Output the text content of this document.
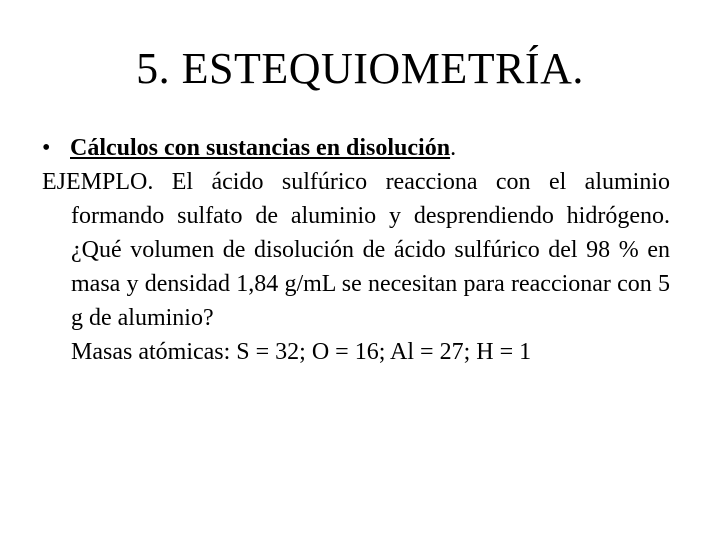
5. ESTEQUIOMETRÍA.

• Cálculos con sustancias en disolución.

EJEMPLO. El ácido sulfúrico reacciona con el aluminio formando sulfato de aluminio y desprendiendo hidrógeno. ¿Qué volumen de disolución de ácido sulfúrico del 98 % en masa y densidad 1,84 g/mL se necesitan para reaccionar con 5 g de aluminio?

Masas atómicas: S = 32; O = 16; Al = 27; H = 1
